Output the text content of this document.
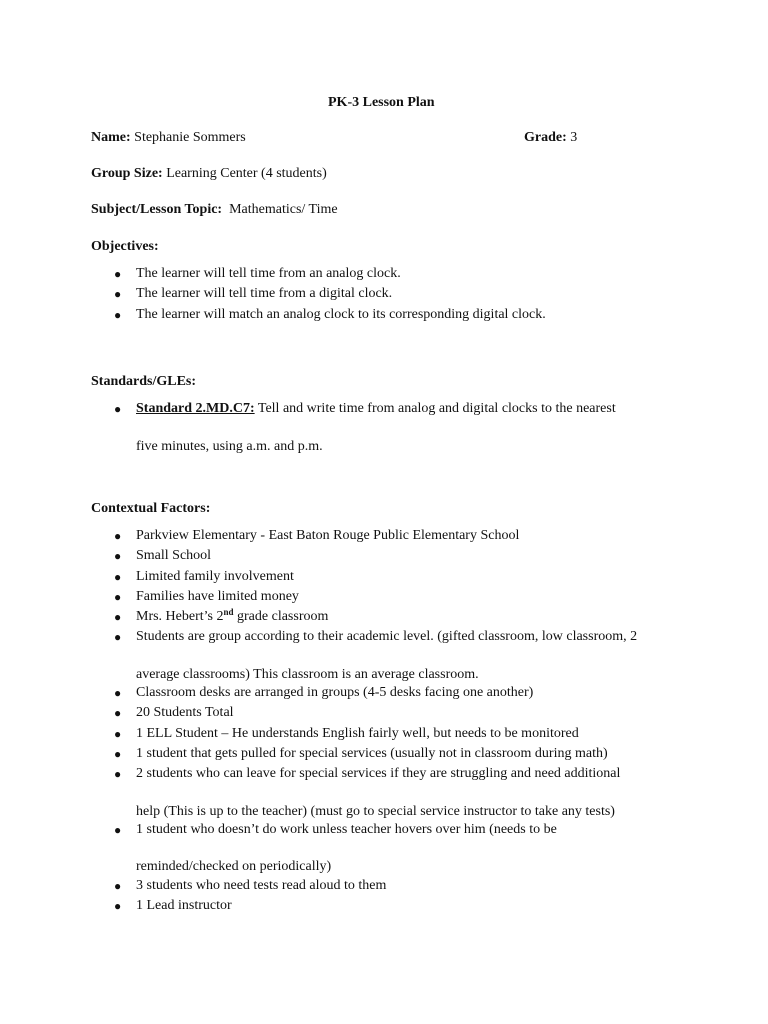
PK-3 Lesson Plan
Name: Stephanie Sommers	Grade: 3
Group Size: Learning Center (4 students)
Subject/Lesson Topic: Mathematics/ Time
Objectives:
●	The learner will tell time from an analog clock.
●	The learner will tell time from a digital clock.
●	The learner will match an analog clock to its corresponding digital clock.
Standards/GLEs:
●	Standard 2.MD.C7: Tell and write time from analog and digital clocks to the nearest
five minutes, using a.m. and p.m.
Contextual Factors:
●	Parkview Elementary - East Baton Rouge Public Elementary School
●	Small School
●	Limited family involvement
●	Families have limited money
●	Mrs. Hebert’s 2nd grade classroom
●	Students are group according to their academic level. (gifted classroom, low classroom, 2
average classrooms) This classroom is an average classroom.
●	Classroom desks are arranged in groups (4-5 desks facing one another)
●	20 Students Total
●	1 ELL Student – He understands English fairly well, but needs to be monitored
●	1 student that gets pulled for special services (usually not in classroom during math)
●	2 students who can leave for special services if they are struggling and need additional
help (This is up to the teacher) (must go to special service instructor to take any tests)
●	1 student who doesn’t do work unless teacher hovers over him (needs to be
reminded/checked on periodically)
●	3 students who need tests read aloud to them
●	1 Lead instructor
